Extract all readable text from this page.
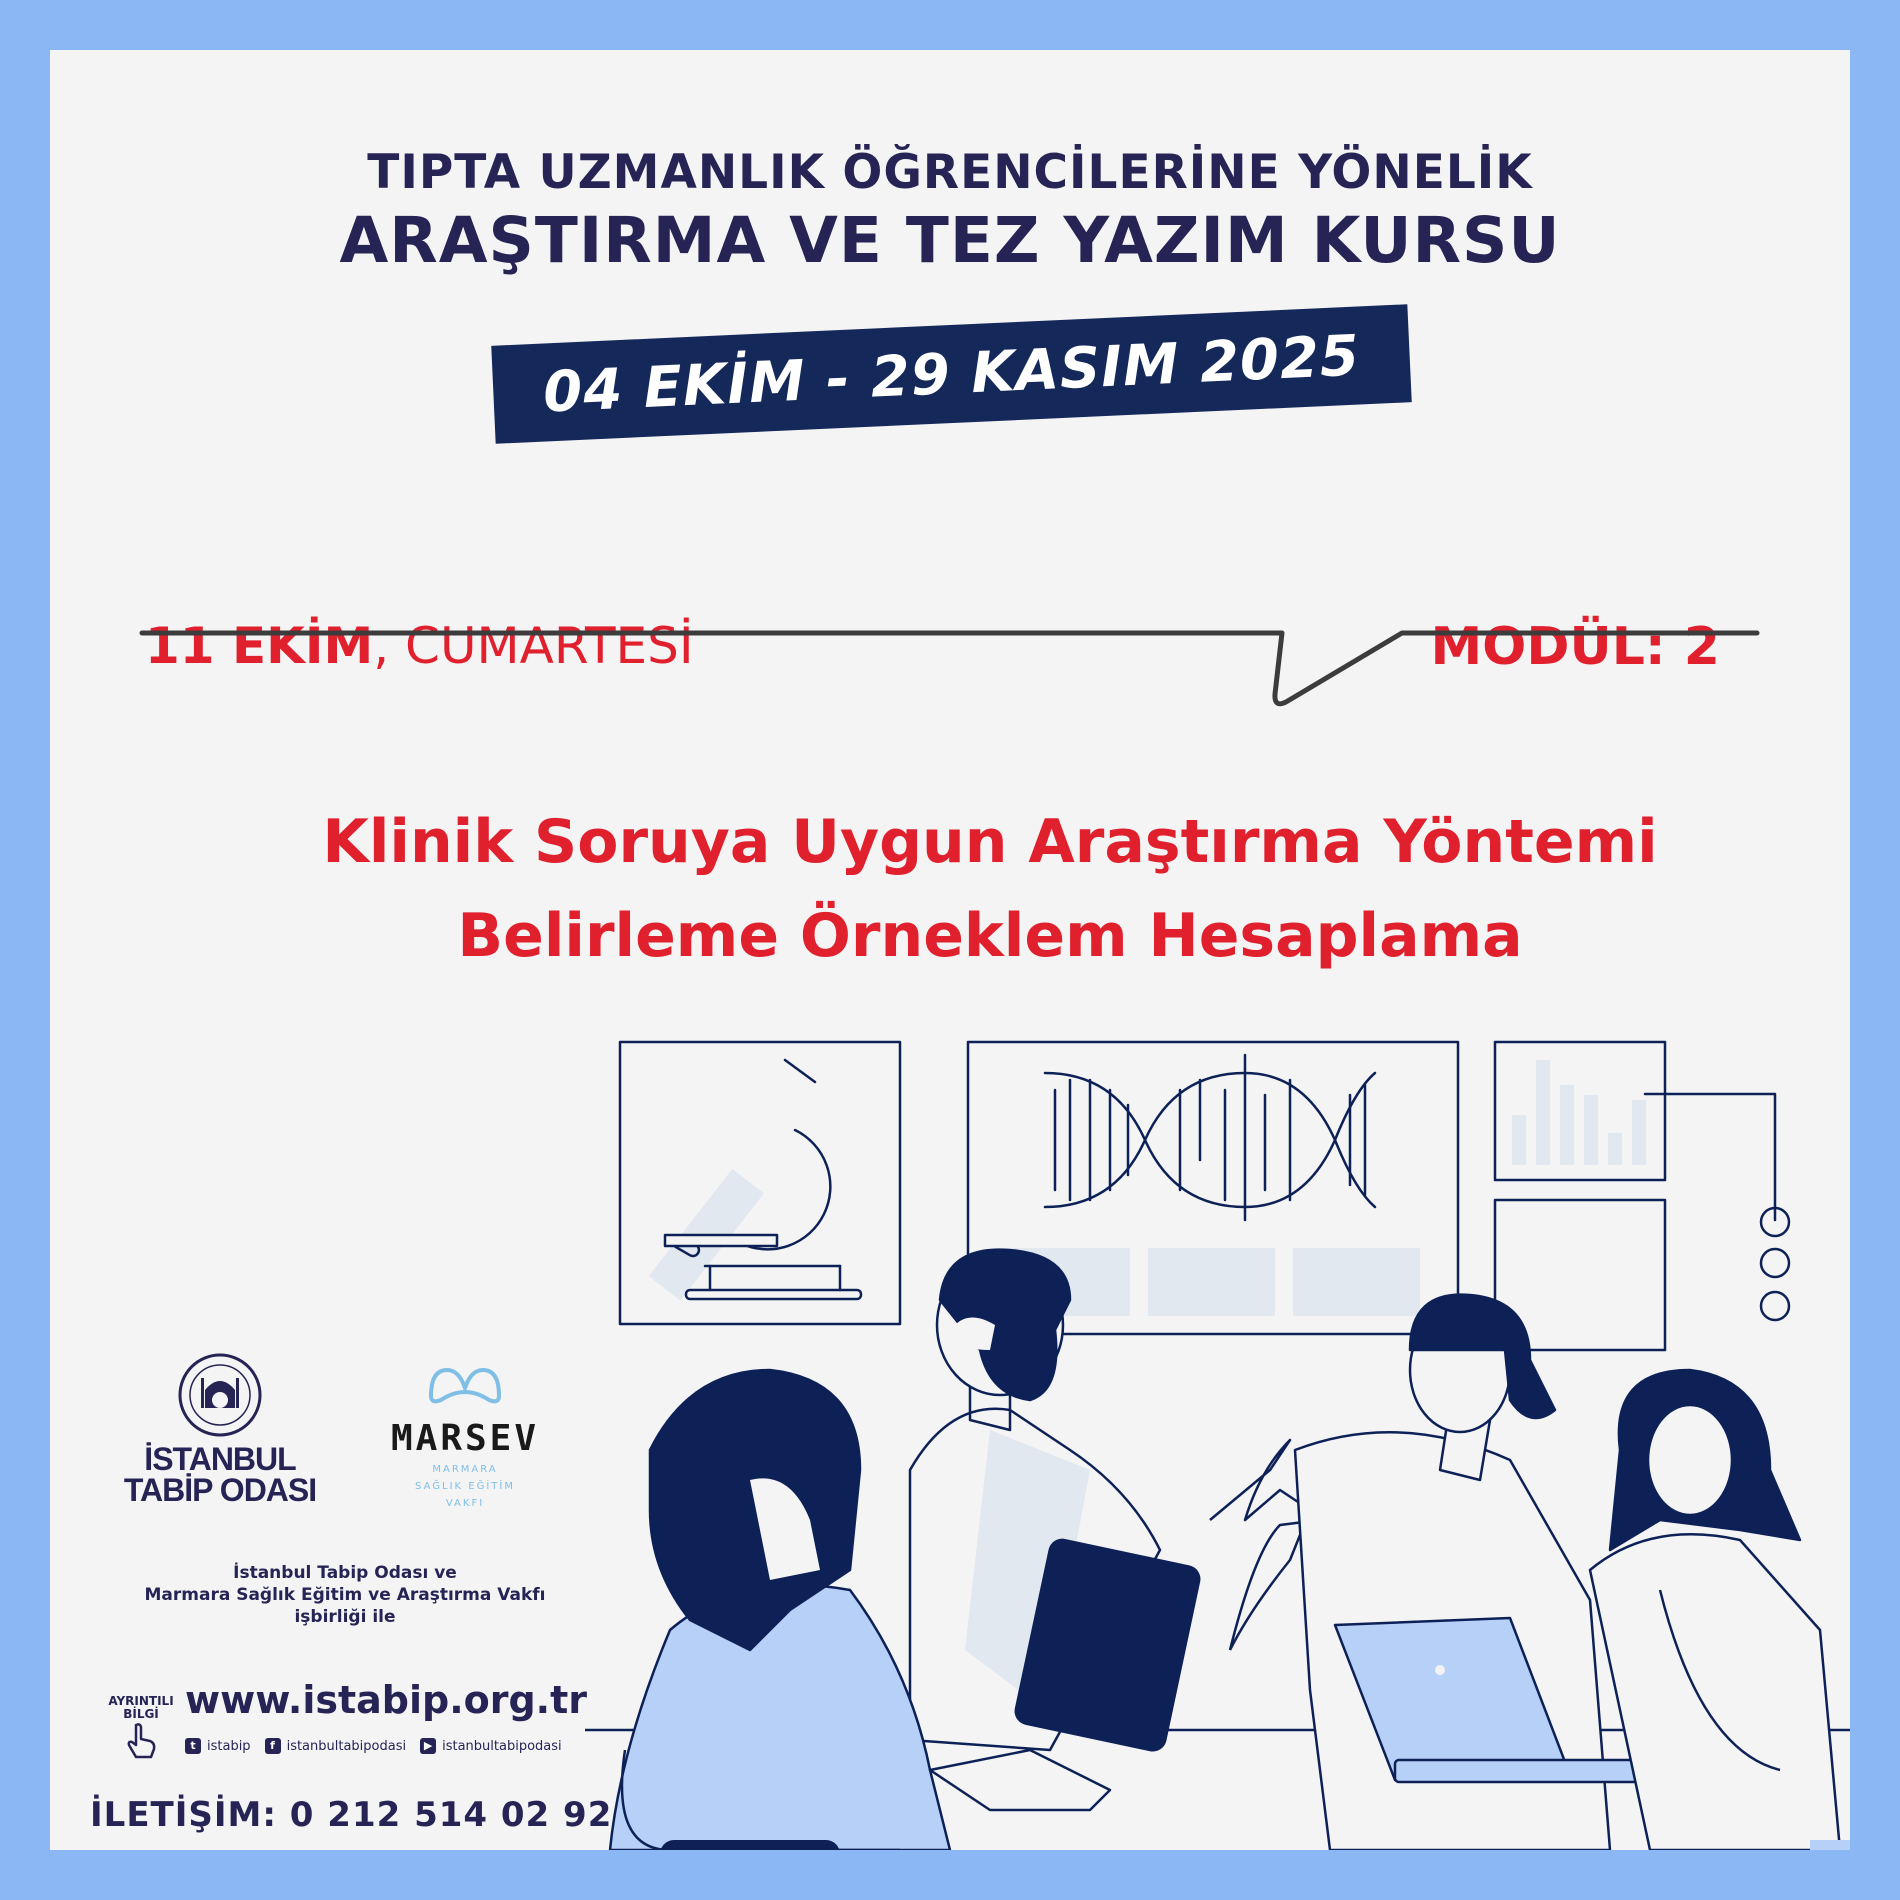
TIPTA UZMANLIK ÖĞRENCİLERİNE YÖNELİK
ARAŞTIRMA VE TEZ YAZIM KURSU
04 EKİM - 29 KASIM 2025
11 EKİM, CUMARTESİ	MODÜL: 2
Klinik Soruya Uygun Araştırma Yöntemi
Belirleme Örneklem Hesaplama
İSTANBUL
TABİP ODASI
MARSEV
MARMARA
SAĞLIK EĞİTİM
VAKFI
İstanbul Tabip Odası ve
Marmara Sağlık Eğitim ve Araştırma Vakfı
işbirliği ile
AYRINTILI
BİLGİ www.istabip.org.tr
t istabip	f istanbultabipodasi	▶ istanbultabipodasi
İLETİŞİM: 0 212 514 02 92
